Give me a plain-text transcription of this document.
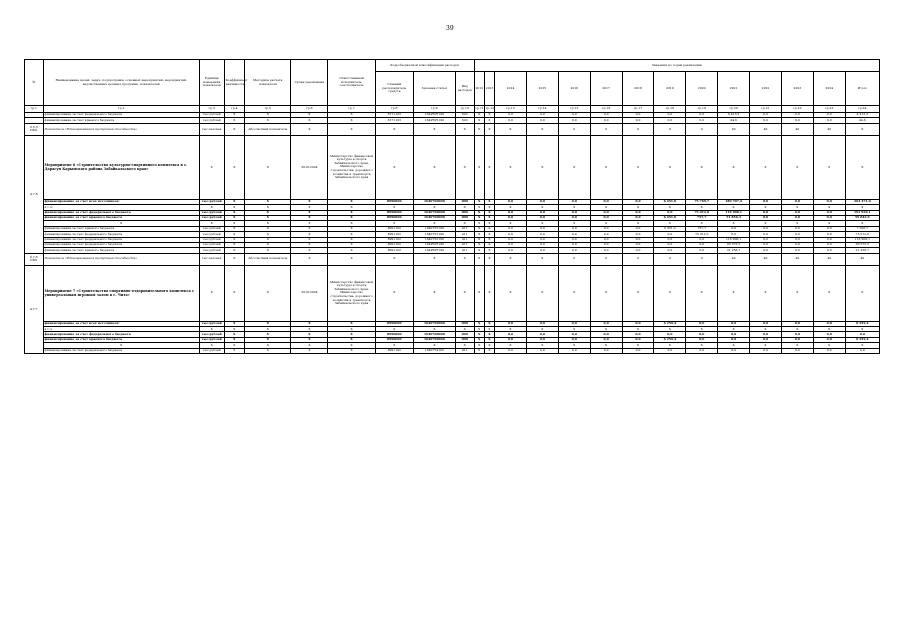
39
№	Наименование целей, задач, подпрограмм, основных мероприятий, мероприятий, ведомственных целевых программ, показателей	Единица измерения показателя	Коэффициент значимости	Методика расчета показателя	Сроки реализации	Ответственный исполнитель, соисполнитель	Коды бюджетной классификации расходов			Значения по годам реализации													
							Главный распорядитель средств	Целевая статья	Вид расходов	2012	2013	2014	2015	2016	2017	2018	2019	2020	2021	2022	2023	2024	Итого
гр.1	гр.2	гр.3	гр.4	гр.5	гр.6	гр.7	гр.8	гр.9	гр.10	гр.11	гр.12	гр.13	гр.14	гр.15	гр.16	гр.17	гр.18	гр.19	гр.20	гр.21	гр.22	гр.23	гр.24
	финансирование за счет федерального бюджета	тыс.рублей	X	X	X	X	8171103	164P5P5190	620	X	X	0,0	0,0	0,0	0,0	0,0	0,0	0,0	4 413,3	0,0	0,0	0,0	4 413,3
	финансирование за счет краевого бюджета	тыс.рублей	X	X	X	X	8171103	164P5P5190	620	X	X	0,0	0,0	0,0	0,0	0,0	0,0	0,0	44,6	0,0	0,0	0,0	44,6
п.5.3 ПМ1	Показатель «Единовременная пропускная способность»	тыс.человек	X	Абсолютный показатель	X	X	X	X	X	X	X	X	X	0	0	0	0	0	40	40	40	40	X
4.7.6	Мероприятие 6 «Строительство культурно-спортивного комплекса в с. Дарасун Карымского района Забайкальского края»	X	X	X	2018-2024	Министерство финансовой культуры и спорта Забайкальского края, Министерство строительства, дорожного хозяйства и транспорта Забайкальского края	X	X	X	X	X	X	X	X	X	X	X	X	X	X	X	X	X
	финансирование за счет всех источников:	тыс.рублей	X	X	X	X	8990000	1640700000	000	X	X	0,0	0,0	0,0	0,0	0,0	6 451,0	75 769,7	180 707,4	0,0	0,0	0,0	263 371,0
	в т.ч.	X	X	X	X	X	X	X	X	X	X	X	X	X	X	X	X	X	X	X	X	X	X
	финансирование за счет федерального бюджета	тыс.рублей	X	X	X	X	8990000	1640700000	000	X	X	0,0	0,0	0,0	0,0	0,0	0,0	75 012,0	116 908,1	0,0	0,0	0,0	191 920,1
	финансирование за счет краевого бюджета	тыс.рублей	X	X	X	X	8990000	1640700000	000	X	X	0,0	0,0	0,0	0,0	0,0	6 451,0	757,7	51 856,3	0,0	0,0	0,0	59 842,9
	X	X	X	X	X	X	X	X	X	X	X	X	X	X	X	X	X	X	X	X	X	X	X
	финансирование за счет краевого бюджета	тыс.рублей	X	X	X	X	8991102	1640752190	411	X	X	0,0	0,0	0,0	0,0	0,0	6 451,0	757,7	0,0	0,0	0,0	0,0	7 208,7
	финансирование за счет федерального бюджета	тыс.рублей	X	X	X	X	8991102	1640752190	411	X	X	0,0	0,0	0,0	0,0	0,0	0,0	75 012,0	0,0	0,0	0,0	0,0	75 012,0
	финансирование за счет федерального бюджета	тыс.рублей	X	X	X	X	8991102	1640752190	411	X	X	0,0	0,0	0,0	0,0	0,0	0,0	0,0	116 908,1	0,0	0,0	0,0	116 908,1
	финансирование за счет федерального бюджета	тыс.рублей	X	X	X	X	8991102	164P5P5190	411	X	X	0,0	0,0	0,0	0,0	0,0	0,0	0,0	60 575,5	0,0	0,0	0,0	60 575,5
	финансирование за счет краевого бюджета	тыс.рублей	X	X	X	X	8991102	164P5P5190	411	X	X	0,0	0,0	0,0	0,0	0,0	0,0	0,0	21 258,7	0,0	0,0	0,0	21 258,7
6.7.6 ПМ1	Показатель «Единовременная пропускная способность»	тыс.человек	X	Абсолютный показатель	X	X	X	X	X	X	X	X	X	0	0	0	0	0	40	40	40	40	40
4.7.7	Мероприятие 7 «Строительство спортивно-оздоровительного комплекса с универсальным игровым залом в г. Чита»	X	X	X	2018-2024	Министерство финансовой культуры и спорта Забайкальского края, Министерство строительства, дорожного хозяйства и транспорта Забайкальского края	X	X	X	X	X	X	X	X	X	X	X	X	X	X	X	X	X
	финансирование за счет всех источников:	тыс.рублей	X	X	X	X	8990000	1640700000	000	X	X	0,0	0,0	0,0	0,0	0,0	6 259,4	0,0	0,0	0,0	0,0	0,0	6 259,4
	в т.ч.	X	X	X	X	X	X	X	X	X	X	X	X	X	X	X	X	X	X	X	X	X	X
	финансирование за счет федерального бюджета	тыс.рублей	X	X	X	X	8990000	1640700000	000	X	X	0,0	0,0	0,0	0,0	0,0	0,0	0,0	0,0	0,0	0,0	0,0	0,0
	финансирование за счет краевого бюджета	тыс.рублей	X	X	X	X	8990000	1640700000	000	X	X	0,0	0,0	0,0	0,0	0,0	6 259,4	0,0	0,0	0,0	0,0	0,0	6 259,4
	X	X	X	X	X	X	X	X	X	X	X	X	X	X	X	X	X	X	X	X	X	X	X
	финансирование за счет федерального бюджета	тыс.рублей	X	X	X	X	8991102	1640754102	411	X	X	0,0	0,0	0,0	0,0	0,0	0,0	0,0	0,0	0,0	0,0	0,0	0,0
